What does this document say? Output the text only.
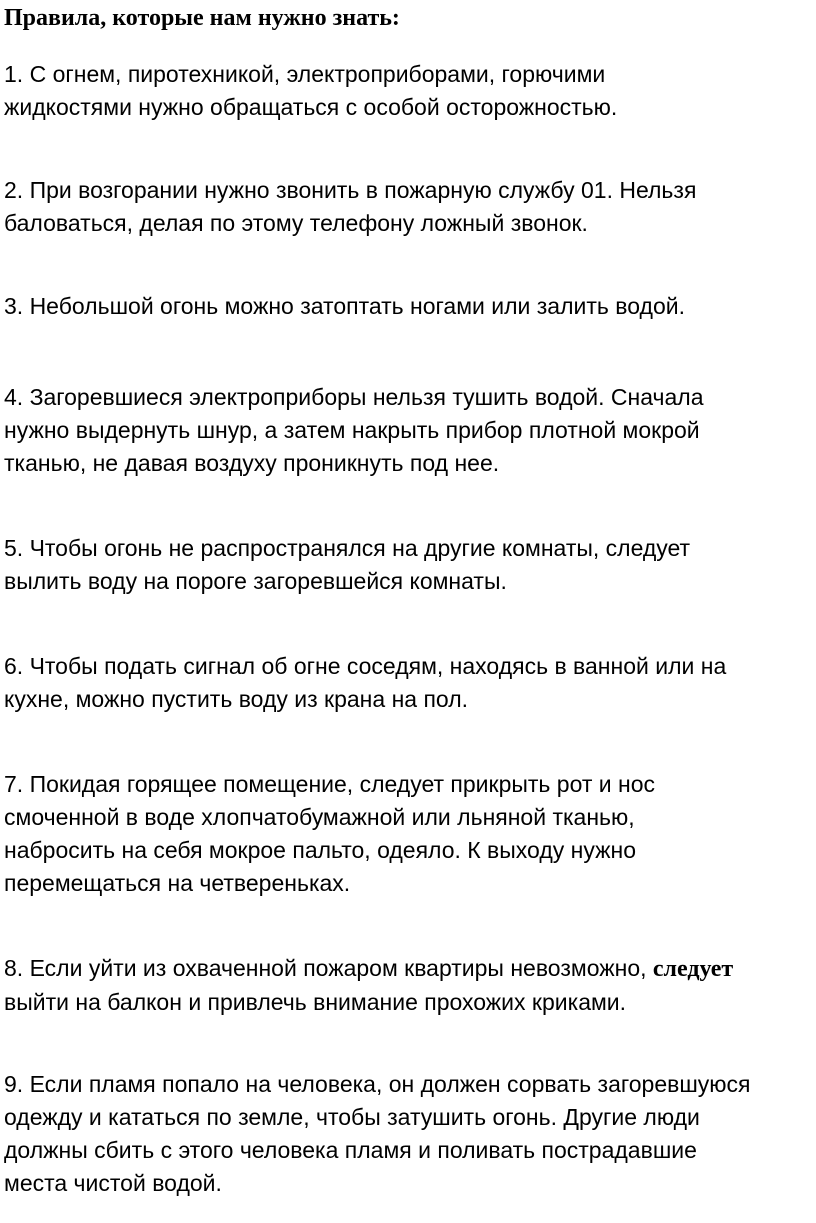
Правила, которые нам нужно знать:

1. С огнем, пиротехникой, электроприборами, горючими
жидкостями нужно обращаться с особой осторожностью.

2. При возгорании нужно звонить в пожарную службу 01. Нельзя
баловаться, делая по этому телефону ложный звонок.

3. Небольшой огонь можно затоптать ногами или залить водой.

4. Загоревшиеся электроприборы нельзя тушить водой. Сначала
нужно выдернуть шнур, а затем накрыть прибор плотной мокрой
тканью, не давая воздуху проникнуть под нее.

5. Чтобы огонь не распространялся на другие комнаты, следует
вылить воду на пороге загоревшейся комнаты.

6. Чтобы подать сигнал об огне соседям, находясь в ванной или на
кухне, можно пустить воду из крана на пол.

7. Покидая горящее помещение, следует прикрыть рот и нос
смоченной в воде хлопчатобумажной или льняной тканью,
набросить на себя мокрое пальто, одеяло. К выходу нужно
перемещаться на четвереньках.

8. Если уйти из охваченной пожаром квартиры невозможно, следует
выйти на балкон и привлечь внимание прохожих криками.

9. Если пламя попало на человека, он должен сорвать загоревшуюся
одежду и кататься по земле, чтобы затушить огонь. Другие люди
должны сбить с этого человека пламя и поливать пострадавшие
места чистой водой.
